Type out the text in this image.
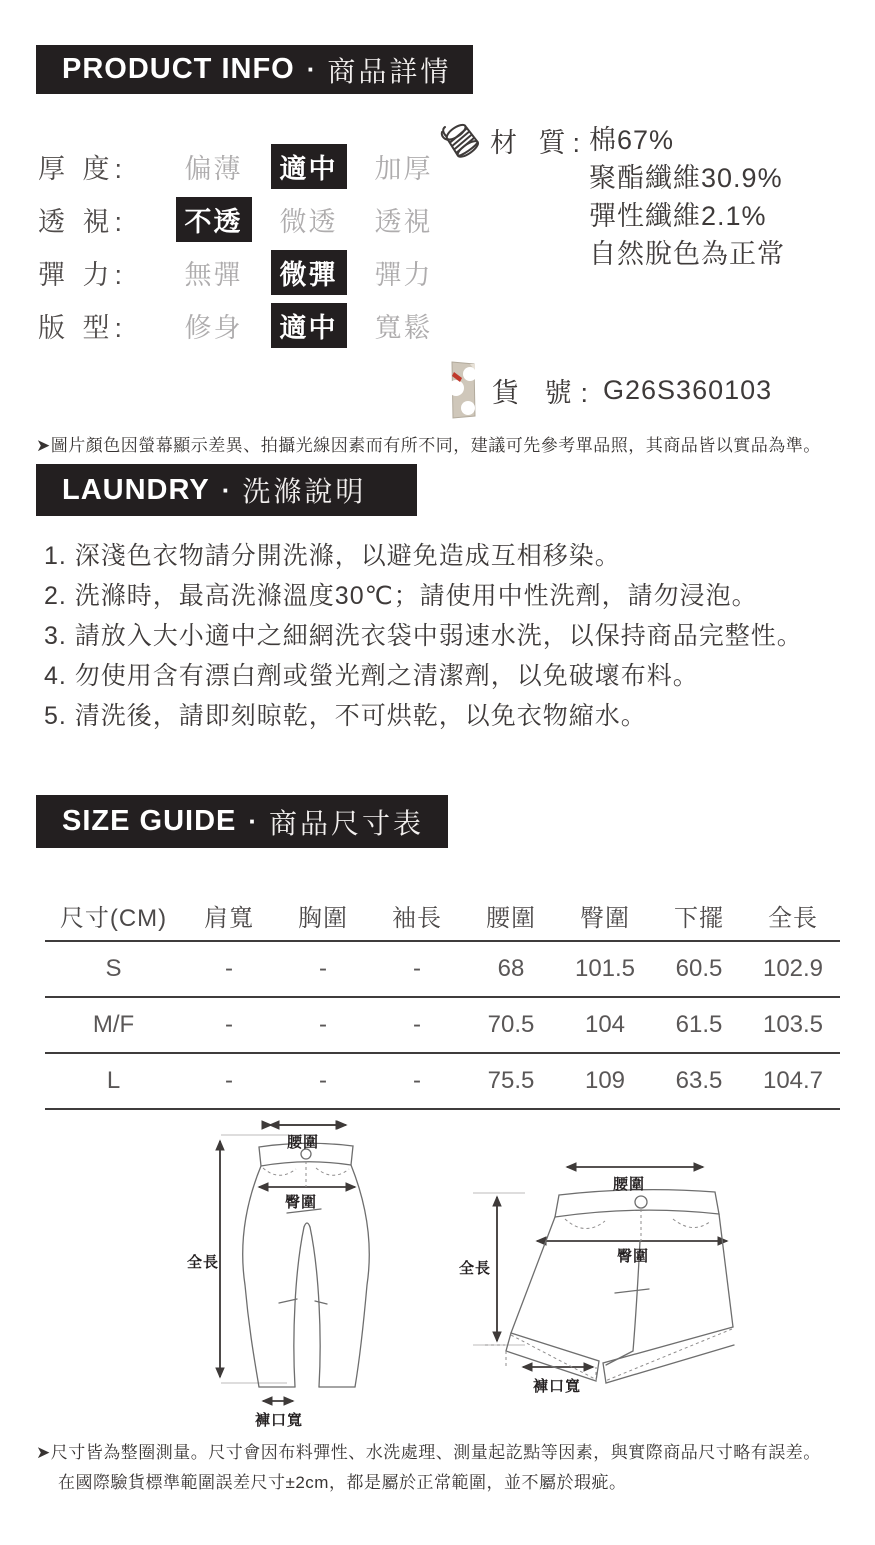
PRODUCT INFO · 商品詳情
厚 度:	偏薄	適中	加厚
透 視:	不透	微透	透視
彈 力:	無彈	微彈	彈力
版 型:	修身	適中	寬鬆
材 質: 棉67%
聚酯纖維30.9%
彈性纖維2.1%
自然脫色為正常
貨 號: G26S360103
➤圖片顏色因螢幕顯示差異、拍攝光線因素而有所不同，建議可先參考單品照，其商品皆以實品為準。
LAUNDRY · 洗滌說明
1. 深淺色衣物請分開洗滌，以避免造成互相移染。
2. 洗滌時，最高洗滌溫度30℃；請使用中性洗劑，請勿浸泡。
3. 請放入大小適中之細網洗衣袋中弱速水洗，以保持商品完整性。
4. 勿使用含有漂白劑或螢光劑之清潔劑，以免破壞布料。
5. 清洗後，請即刻晾乾，不可烘乾，以免衣物縮水。
SIZE GUIDE · 商品尺寸表
尺寸(CM)	肩寬	胸圍	袖長	腰圍	臀圍	下擺	全長
S	-	-	-	68	101.5	60.5	102.9
M/F	-	-	-	70.5	104	61.5	103.5
L	-	-	-	75.5	109	63.5	104.7
腰圍
臀圍
全長
褲口寬
腰圍
臀圍
全長
褲口寬
➤尺寸皆為整圈測量。尺寸會因布料彈性、水洗處理、測量起訖點等因素，與實際商品尺寸略有誤差。
在國際驗貨標準範圍誤差尺寸±2cm，都是屬於正常範圍，並不屬於瑕疵。
